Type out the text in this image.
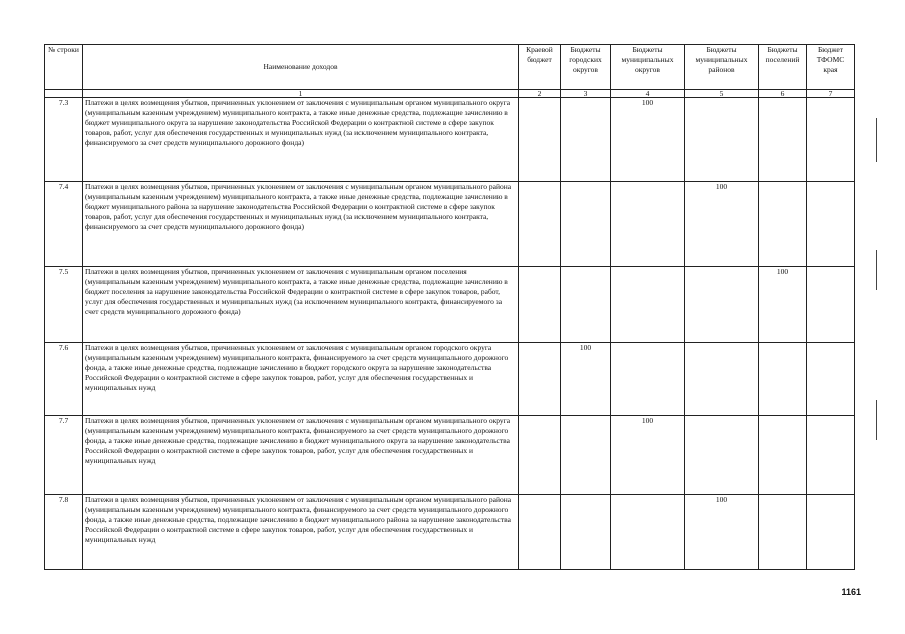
№ строки	Наименование доходов	Краевой бюджет	Бюджеты городских округов	Бюджеты муниципальных округов	Бюджеты муниципальных районов	Бюджеты поселений	Бюджет ТФОМС края
	1	2	3	4	5	6	7
7.3	Платежи в целях возмещения убытков, причиненных уклонением от заключения с муниципальным органом муниципального округа (муниципальным казенным учреждением) муниципального контракта, а также иные денежные средства, подлежащие зачислению в бюджет муниципального округа за нарушение законодательства Российской Федерации о контрактной системе в сфере закупок товаров, работ, услуг для обеспечения государственных и муниципальных нужд (за исключением муниципального контракта, финансируемого за счет средств муниципального дорожного фонда)			100			
7.4	Платежи в целях возмещения убытков, причиненных уклонением от заключения с муниципальным органом муниципального района (муниципальным казенным учреждением) муниципального контракта, а также иные денежные средства, подлежащие зачислению в бюджет муниципального района за нарушение законодательства Российской Федерации о контрактной системе в сфере закупок товаров, работ, услуг для обеспечения государственных и муниципальных нужд (за исключением муниципального контракта, финансируемого за счет средств муниципального дорожного фонда)				100		
7.5	Платежи в целях возмещения убытков, причиненных уклонением от заключения с муниципальным органом поселения (муниципальным казенным учреждением) муниципального контракта, а также иные денежные средства, подлежащие зачислению в бюджет поселения за нарушение законодательства Российской Федерации о контрактной системе в сфере закупок товаров, работ, услуг для обеспечения государственных и муниципальных нужд (за исключением муниципального контракта, финансируемого за счет средств муниципального дорожного фонда)					100	
7.6	Платежи в целях возмещения убытков, причиненных уклонением от заключения с муниципальным органом городского округа (муниципальным казенным учреждением) муниципального контракта, финансируемого за счет средств муниципального дорожного фонда, а также иные денежные средства, подлежащие зачислению в бюджет городского округа за нарушение законодательства Российской Федерации о контрактной системе в сфере закупок товаров, работ, услуг для обеспечения государственных и муниципальных нужд		100				
7.7	Платежи в целях возмещения убытков, причиненных уклонением от заключения с муниципальным органом муниципального округа (муниципальным казенным учреждением) муниципального контракта, финансируемого за счет средств муниципального дорожного фонда, а также иные денежные средства, подлежащие зачислению в бюджет муниципального округа за нарушение законодательства Российской Федерации о контрактной системе в сфере закупок товаров, работ, услуг для обеспечения государственных и муниципальных нужд			100			
7.8	Платежи в целях возмещения убытков, причиненных уклонением от заключения с муниципальным органом муниципального района (муниципальным казенным учреждением) муниципального контракта, финансируемого за счет средств муниципального дорожного фонда, а также иные денежные средства, подлежащие зачислению в бюджет муниципального района за нарушение законодательства Российской Федерации о контрактной системе в сфере закупок товаров, работ, услуг для обеспечения государственных и муниципальных нужд				100		
1161
